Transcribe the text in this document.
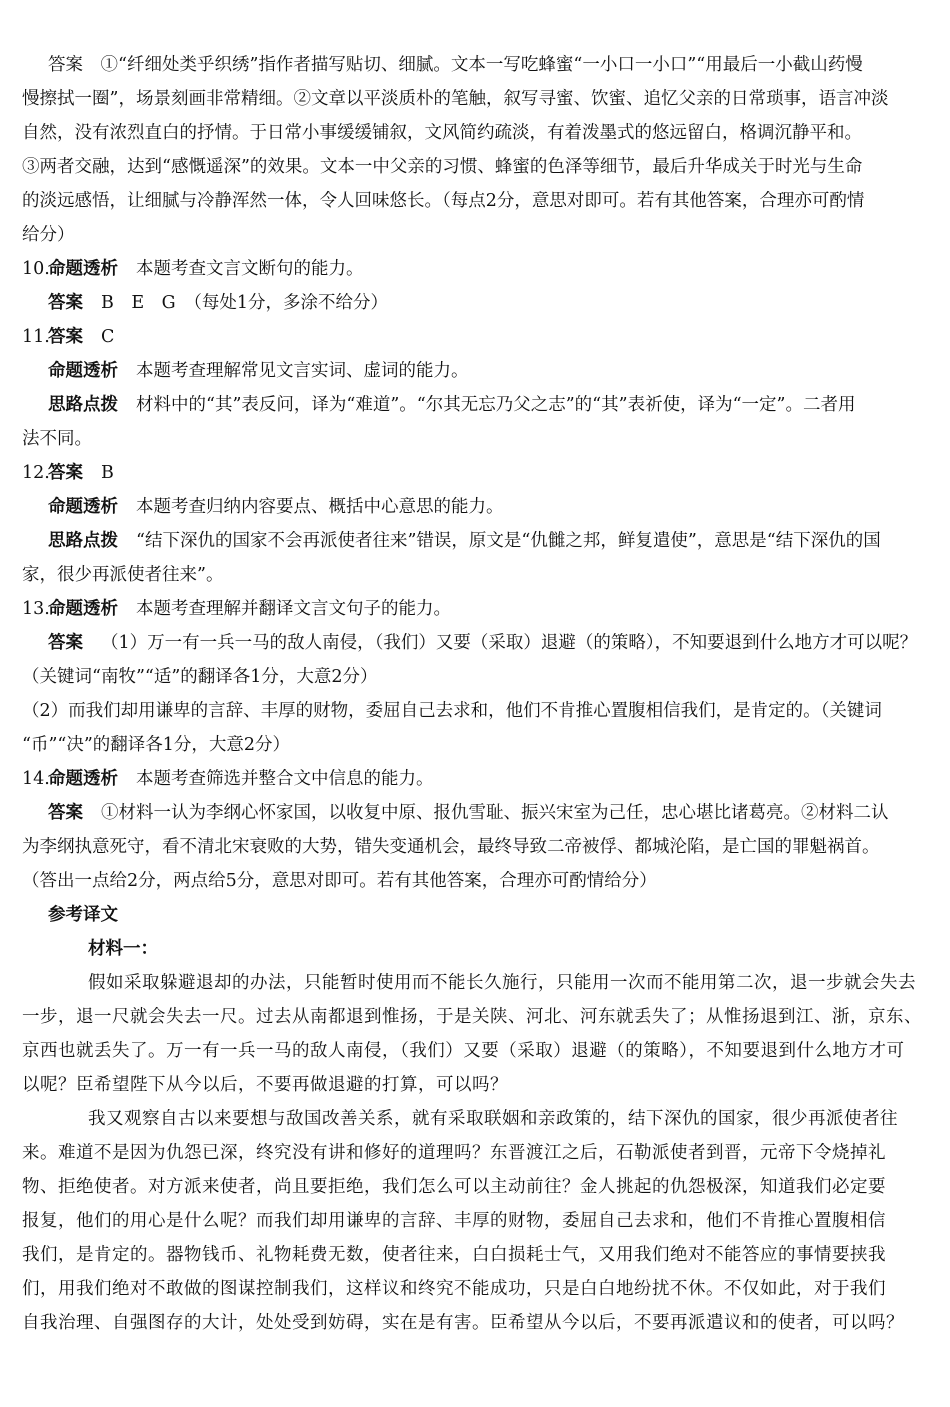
答案　①“纤细处类乎织绣”指作者描写贴切、细腻。文本一写吃蜂蜜“一小口一小口”“用最后一小截山药慢
慢擦拭一圈”，场景刻画非常精细。②文章以平淡质朴的笔触，叙写寻蜜、饮蜜、追忆父亲的日常琐事，语言冲淡
自然，没有浓烈直白的抒情。于日常小事缓缓铺叙，文风简约疏淡，有着泼墨式的悠远留白，格调沉静平和。
③两者交融，达到“感慨遥深”的效果。文本一中父亲的习惯、蜂蜜的色泽等细节，最后升华成关于时光与生命
的淡远感悟，让细腻与冷静浑然一体，令人回味悠长。（每点2分，意思对即可。若有其他答案，合理亦可酌情
给分）
10.命题透析 本题考查文言文断句的能力。
答案 B　E　G　（每处1分，多涂不给分）
11.答案 C
命题透析 本题考查理解常见文言实词、虚词的能力。
思路点拨 材料中的“其”表反问，译为“难道”。“尔其无忘乃父之志”的“其”表祈使，译为“一定”。二者用
法不同。
12.答案 B
命题透析 本题考查归纳内容要点、概括中心意思的能力。
思路点拨 “结下深仇的国家不会再派使者往来”错误，原文是“仇雠之邦，鲜复遣使”，意思是“结下深仇的国
家，很少再派使者往来”。
13.命题透析 本题考查理解并翻译文言文句子的能力。
答案 （1）万一有一兵一马的敌人南侵，（我们）又要（采取）退避（的策略），不知要退到什么地方才可以呢？
（关键词“南牧”“适”的翻译各1分，大意2分）
（2）而我们却用谦卑的言辞、丰厚的财物，委屈自己去求和，他们不肯推心置腹相信我们，是肯定的。（关键词
“币”“决”的翻译各1分，大意2分）
14.命题透析 本题考查筛选并整合文中信息的能力。
答案 ①材料一认为李纲心怀家国，以收复中原、报仇雪耻、振兴宋室为己任，忠心堪比诸葛亮。②材料二认
为李纲执意死守，看不清北宋衰败的大势，错失变通机会，最终导致二帝被俘、都城沦陷，是亡国的罪魁祸首。
（答出一点给2分，两点给5分，意思对即可。若有其他答案，合理亦可酌情给分）
参考译文
材料一：
假如采取躲避退却的办法，只能暂时使用而不能长久施行，只能用一次而不能用第二次，退一步就会失去
一步，退一尺就会失去一尺。过去从南都退到惟扬，于是关陕、河北、河东就丢失了；从惟扬退到江、浙，京东、
京西也就丢失了。万一有一兵一马的敌人南侵，（我们）又要（采取）退避（的策略），不知要退到什么地方才可
以呢？臣希望陛下从今以后，不要再做退避的打算，可以吗？
我又观察自古以来要想与敌国改善关系，就有采取联姻和亲政策的，结下深仇的国家，很少再派使者往
来。难道不是因为仇怨已深，终究没有讲和修好的道理吗？东晋渡江之后，石勒派使者到晋，元帝下令烧掉礼
物、拒绝使者。对方派来使者，尚且要拒绝，我们怎么可以主动前往？金人挑起的仇怨极深，知道我们必定要
报复，他们的用心是什么呢？而我们却用谦卑的言辞、丰厚的财物，委屈自己去求和，他们不肯推心置腹相信
我们，是肯定的。器物钱币、礼物耗费无数，使者往来，白白损耗士气，又用我们绝对不能答应的事情要挟我
们，用我们绝对不敢做的图谋控制我们，这样议和终究不能成功，只是白白地纷扰不休。不仅如此，对于我们
自我治理、自强图存的大计，处处受到妨碍，实在是有害。臣希望从今以后，不要再派遣议和的使者，可以吗？
